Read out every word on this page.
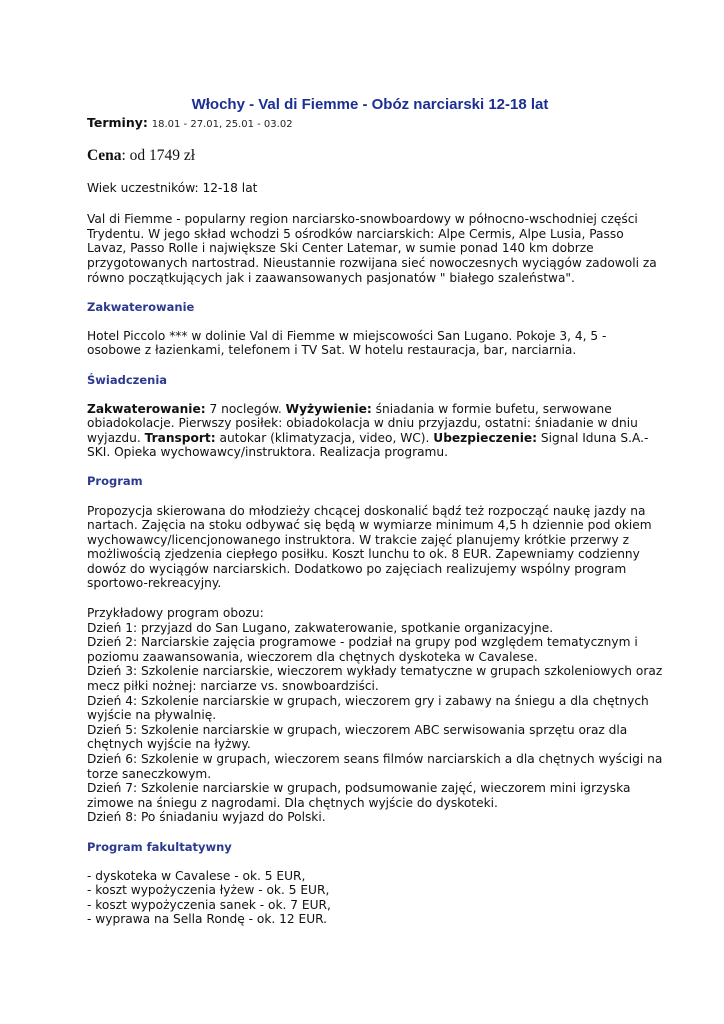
Włochy - Val di Fiemme - Obóz narciarski 12-18 lat
Terminy: 18.01 - 27.01, 25.01 - 03.02
Cena: od 1749 zł

Wiek uczestników: 12-18 lat

Val di Fiemme - popularny region narciarsko-snowboardowy w północno-wschodniej części
Trydentu. W jego skład wchodzi 5 ośrodków narciarskich: Alpe Cermis, Alpe Lusia, Passo
Lavaz, Passo Rolle i największe Ski Center Latemar, w sumie ponad 140 km dobrze
przygotowanych nartostrad. Nieustannie rozwijana sieć nowoczesnych wyciągów zadowoli za
równo początkujących jak i zaawansowanych pasjonatów " białego szaleństwa".

Zakwaterowanie

Hotel Piccolo *** w dolinie Val di Fiemme w miejscowości San Lugano. Pokoje 3, 4, 5 -
osobowe z łazienkami, telefonem i TV Sat. W hotelu restauracja, bar, narciarnia.

Świadczenia

Zakwaterowanie: 7 noclegów. Wyżywienie: śniadania w formie bufetu, serwowane
obiadokolacje. Pierwszy posiłek: obiadokolacja w dniu przyjazdu, ostatni: śniadanie w dniu
wyjazdu. Transport: autokar (klimatyzacja, video, WC). Ubezpieczenie: Signal Iduna S.A.-
SKI. Opieka wychowawcy/instruktora. Realizacja programu.

Program

Propozycja skierowana do młodzieży chcącej doskonalić bądź też rozpocząć naukę jazdy na
nartach. Zajęcia na stoku odbywać się będą w wymiarze minimum 4,5 h dziennie pod okiem
wychowawcy/licencjonowanego instruktora. W trakcie zajęć planujemy krótkie przerwy z
możliwością zjedzenia ciepłego posiłku. Koszt lunchu to ok. 8 EUR. Zapewniamy codzienny
dowóz do wyciągów narciarskich. Dodatkowo po zajęciach realizujemy wspólny program
sportowo-rekreacyjny.

Przykładowy program obozu:
Dzień 1: przyjazd do San Lugano, zakwaterowanie, spotkanie organizacyjne.
Dzień 2: Narciarskie zajęcia programowe - podział na grupy pod względem tematycznym i
poziomu zaawansowania, wieczorem dla chętnych dyskoteka w Cavalese.
Dzień 3: Szkolenie narciarskie, wieczorem wykłady tematyczne w grupach szkoleniowych oraz
mecz piłki nożnej: narciarze vs. snowboardziści.
Dzień 4: Szkolenie narciarskie w grupach, wieczorem gry i zabawy na śniegu a dla chętnych
wyjście na pływalnię.
Dzień 5: Szkolenie narciarskie w grupach, wieczorem ABC serwisowania sprzętu oraz dla
chętnych wyjście na łyżwy.
Dzień 6: Szkolenie w grupach, wieczorem seans filmów narciarskich a dla chętnych wyścigi na
torze saneczkowym.
Dzień 7: Szkolenie narciarskie w grupach, podsumowanie zajęć, wieczorem mini igrzyska
zimowe na śniegu z nagrodami. Dla chętnych wyjście do dyskoteki.
Dzień 8: Po śniadaniu wyjazd do Polski.

Program fakultatywny

- dyskoteka w Cavalese - ok. 5 EUR,
- koszt wypożyczenia łyżew - ok. 5 EUR,
- koszt wypożyczenia sanek - ok. 7 EUR,
- wyprawa na Sella Rondę - ok. 12 EUR.
